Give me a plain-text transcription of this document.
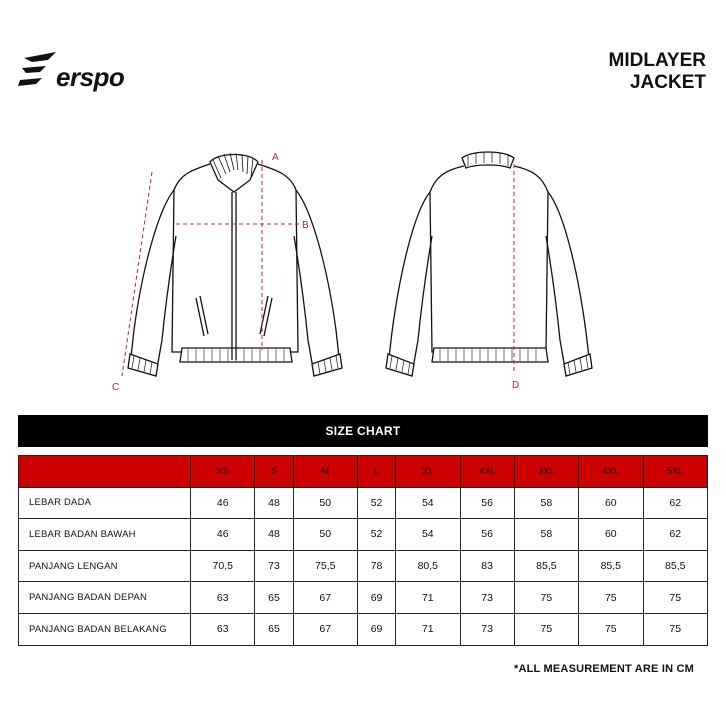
erspo
MIDLAYER
JACKET
A
B
C	D
SIZE CHART
	XS	S	M	L	XL	XXL	3XL	4XL	5XL
LEBAR DADA	46	48	50	52	54	56	58	60	62
LEBAR BADAN BAWAH	46	48	50	52	54	56	58	60	62
PANJANG LENGAN	70,5	73	75,5	78	80,5	83	85,5	85,5	85,5
PANJANG BADAN DEPAN	63	65	67	69	71	73	75	75	75
PANJANG BADAN BELAKANG	63	65	67	69	71	73	75	75	75
*ALL MEASUREMENT ARE IN CM
